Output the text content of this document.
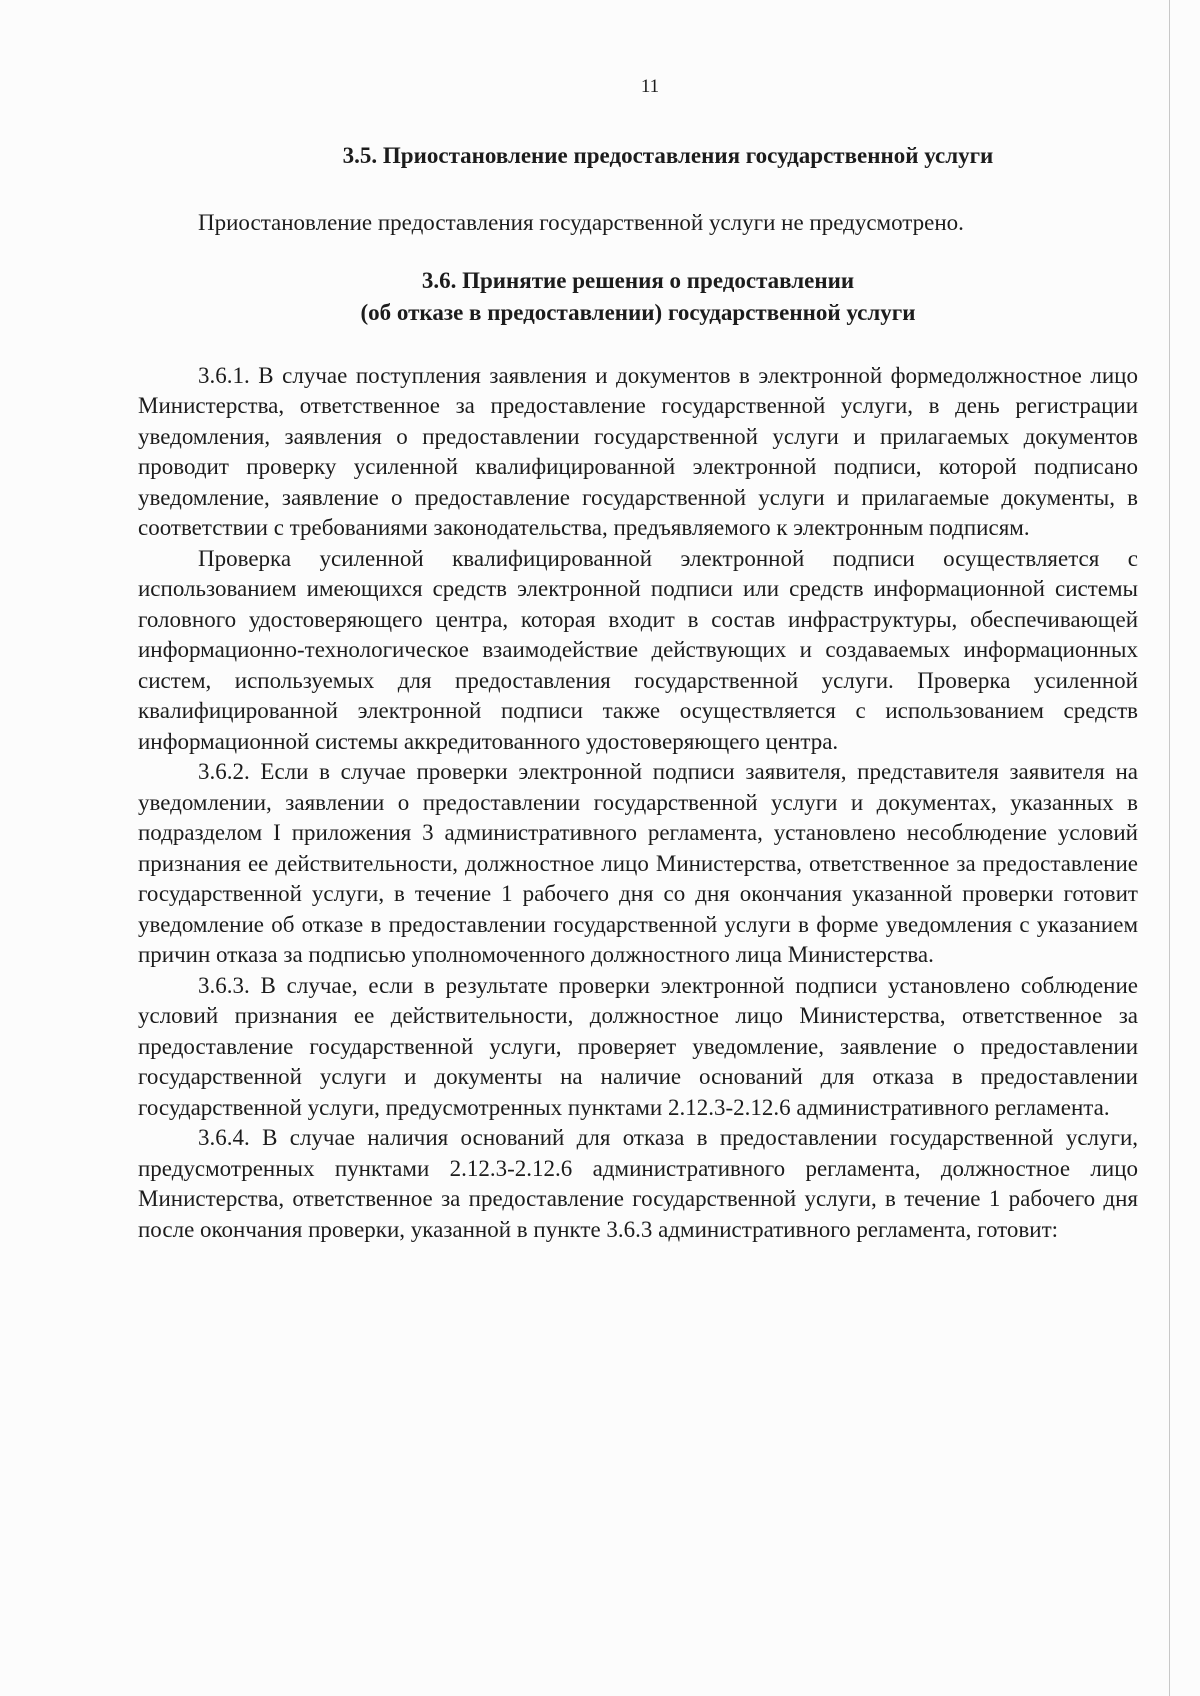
11
3.5. Приостановление предоставления государственной услуги

Приостановление предоставления государственной услуги не предусмотрено.

3.6. Принятие решения о предоставлении
(об отказе в предоставлении) государственной услуги

3.6.1. В случае поступления заявления и документов в электронной формедолжностное лицо Министерства, ответственное за предоставление государственной услуги, в день регистрации уведомления, заявления о предоставлении государственной услуги и прилагаемых документов проводит проверку усиленной квалифицированной электронной подписи, которой подписано уведомление, заявление о предоставление государственной услуги и прилагаемые документы, в соответствии с требованиями законодательства, предъявляемого к электронным подписям.

Проверка усиленной квалифицированной электронной подписи осуществляется с использованием имеющихся средств электронной подписи или средств информационной системы головного удостоверяющего центра, которая входит в состав инфраструктуры, обеспечивающей информационно-технологическое взаимодействие действующих и создаваемых информационных систем, используемых для предоставления государственной услуги. Проверка усиленной квалифицированной электронной подписи также осуществляется с использованием средств информационной системы аккредитованного удостоверяющего центра.

3.6.2. Если в случае проверки электронной подписи заявителя, представителя заявителя на уведомлении, заявлении о предоставлении государственной услуги и документах, указанных в подразделом I приложения 3 административного регламента, установлено несоблюдение условий признания ее действительности, должностное лицо Министерства, ответственное за предоставление государственной услуги, в течение 1 рабочего дня со дня окончания указанной проверки готовит уведомление об отказе в предоставлении государственной услуги в форме уведомления с указанием причин отказа за подписью уполномоченного должностного лица Министерства.

3.6.3. В случае, если в результате проверки электронной подписи установлено соблюдение условий признания ее действительности, должностное лицо Министерства, ответственное за предоставление государственной услуги, проверяет уведомление, заявление о предоставлении государственной услуги и документы на наличие оснований для отказа в предоставлении государственной услуги, предусмотренных пунктами 2.12.3-2.12.6 административного регламента.

3.6.4. В случае наличия оснований для отказа в предоставлении государственной услуги, предусмотренных пунктами 2.12.3-2.12.6 административного регламента, должностное лицо Министерства, ответственное за предоставление государственной услуги, в течение 1 рабочего дня после окончания проверки, указанной в пункте 3.6.3 административного регламента, готовит:
